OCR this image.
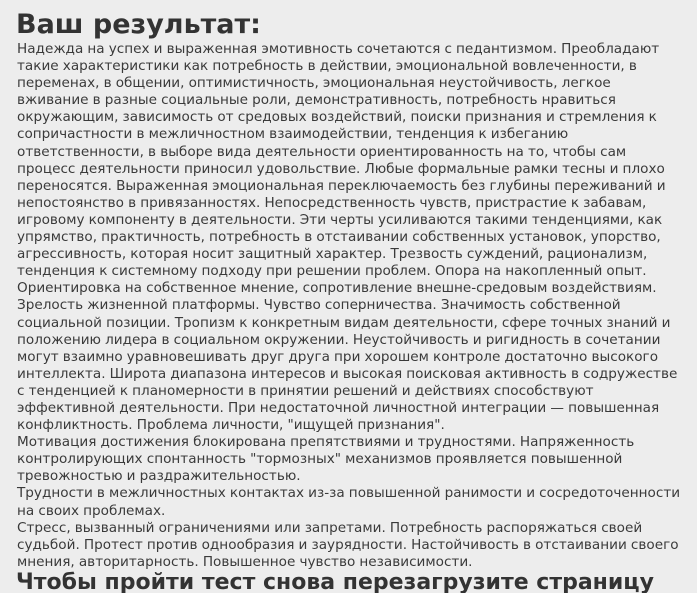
Ваш результат:

Надежда на успех и выраженная эмотивность сочетаются с педантизмом. Преобладают такие характеристики как потребность в действии, эмоциональной вовлеченности, в переменах, в общении, оптимистичность, эмоциональная неустойчивость, легкое вживание в разные социальные роли, демонстративность, потребность нравиться окружающим, зависимость от средовых воздействий, поиски признания и стремления к сопричастности в межличностном взаимодействии, тенденция к избеганию ответственности, в выборе вида деятельности ориентированность на то, чтобы сам процесс деятельности приносил удовольствие. Любые формальные рамки тесны и плохо переносятся. Выраженная эмоциональная переключаемость без глубины переживаний и непостоянство в привязанностях. Непосредственность чувств, пристрастие к забавам, игровому компоненту в деятельности. Эти черты усиливаются такими тенденциями, как упрямство, практичность, потребность в отстаивании собственных установок, упорство, агрессивность, которая носит защитный характер. Трезвость суждений, рационализм, тенденция к системному подходу при решении проблем. Опора на накопленный опыт. Ориентировка на собственное мнение, сопротивление внешне-средовым воздействиям. Зрелость жизненной платформы. Чувство соперничества. Значимость собственной социальной позиции. Тропизм к конкретным видам деятельности, сфере точных знаний и положению лидера в социальном окружении. Неустойчивость и ригидность в сочетании могут взаимно уравновешивать друг друга при хорошем контроле достаточно высокого интеллекта. Широта диапазона интересов и высокая поисковая активность в содружестве с тенденцией к планомерности в принятии решений и действиях способствуют эффективной деятельности. При недостаточной личностной интеграции — повышенная конфликтность. Проблема личности, "ищущей признания".

Мотивация достижения блокирована препятствиями и трудностями. Напряженность контролирующих спонтанность "тормозных" механизмов проявляется повышенной тревожностью и раздражительностью.

Трудности в межличностных контактах из-за повышенной ранимости и сосредоточенности на своих проблемах.

Стресс, вызванный ограничениями или запретами. Потребность распоряжаться своей судьбой. Протест против однообразия и заурядности. Настойчивость в отстаивании своего мнения, авторитарность. Повышенное чувство независимости.

Чтобы пройти тест снова перезагрузите страницу
